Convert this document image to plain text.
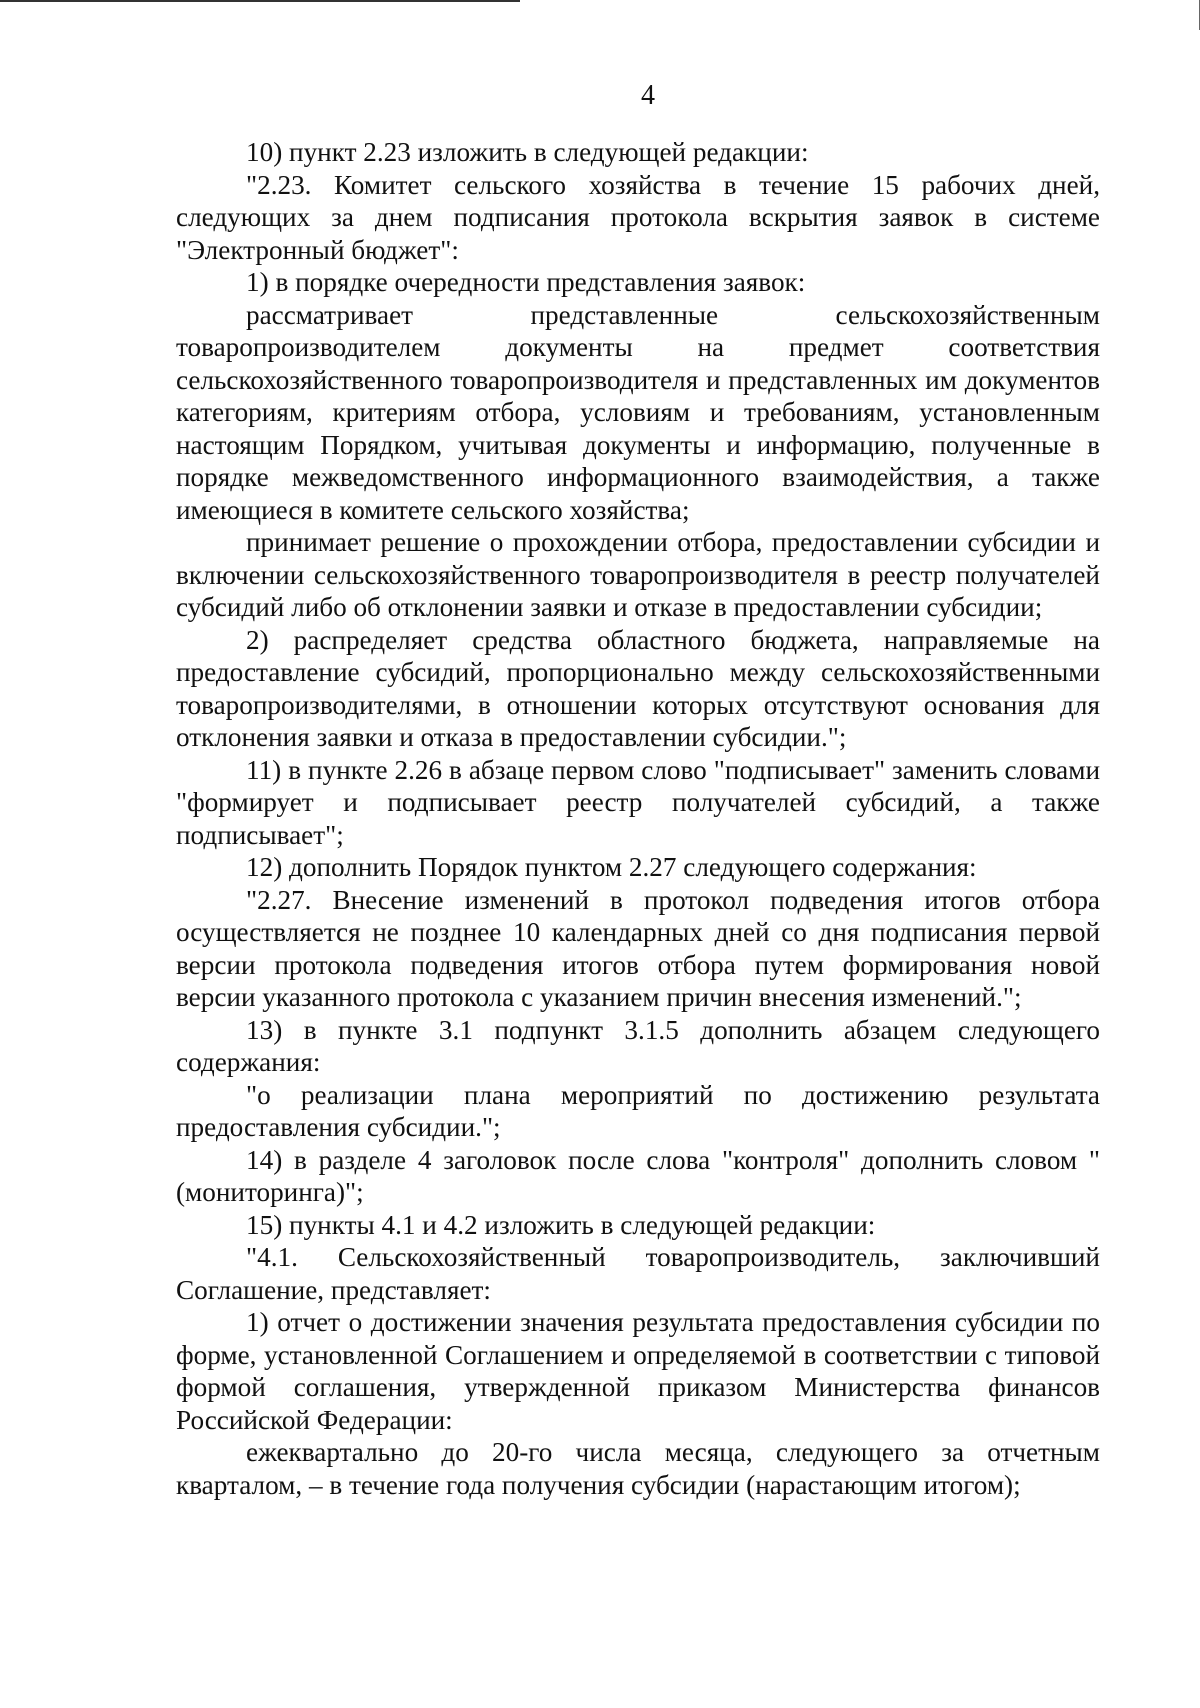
4

10) пункт 2.23 изложить в следующей редакции:

"2.23. Комитет сельского хозяйства в течение 15 рабочих дней, следующих за днем подписания протокола вскрытия заявок в системе "Электронный бюджет":

1) в порядке очередности представления заявок:

рассматривает представленные сельскохозяйственным товаропроизводителем документы на предмет соответствия сельскохозяйственного товаропроизводителя и представленных им документов категориям, критериям отбора, условиям и требованиям, установленным настоящим Порядком, учитывая документы и информацию, полученные в порядке межведомственного информационного взаимодействия, а также имеющиеся в комитете сельского хозяйства;

принимает решение о прохождении отбора, предоставлении субсидии и включении сельскохозяйственного товаропроизводителя в реестр получателей субсидий либо об отклонении заявки и отказе в предоставлении субсидии;

2) распределяет средства областного бюджета, направляемые на предоставление субсидий, пропорционально между сельскохозяйственными товаропроизводителями, в отношении которых отсутствуют основания для отклонения заявки и отказа в предоставлении субсидии.";

11) в пункте 2.26 в абзаце первом слово "подписывает" заменить словами "формирует и подписывает реестр получателей субсидий, а также подписывает";

12) дополнить Порядок пунктом 2.27 следующего содержания:

"2.27. Внесение изменений в протокол подведения итогов отбора осуществляется не позднее 10 календарных дней со дня подписания первой версии протокола подведения итогов отбора путем формирования новой версии указанного протокола с указанием причин внесения изменений.";

13) в пункте 3.1 подпункт 3.1.5 дополнить абзацем следующего содержания:

"о реализации плана мероприятий по достижению результата предоставления субсидии.";

14) в разделе 4 заголовок после слова "контроля" дополнить словом "(мониторинга)";

15) пункты 4.1 и 4.2 изложить в следующей редакции:

"4.1. Сельскохозяйственный товаропроизводитель, заключивший Соглашение, представляет:

1) отчет о достижении значения результата предоставления субсидии по форме, установленной Соглашением и определяемой в соответствии с типовой формой соглашения, утвержденной приказом Министерства финансов Российской Федерации:

ежеквартально до 20-го числа месяца, следующего за отчетным кварталом, – в течение года получения субсидии (нарастающим итогом);
